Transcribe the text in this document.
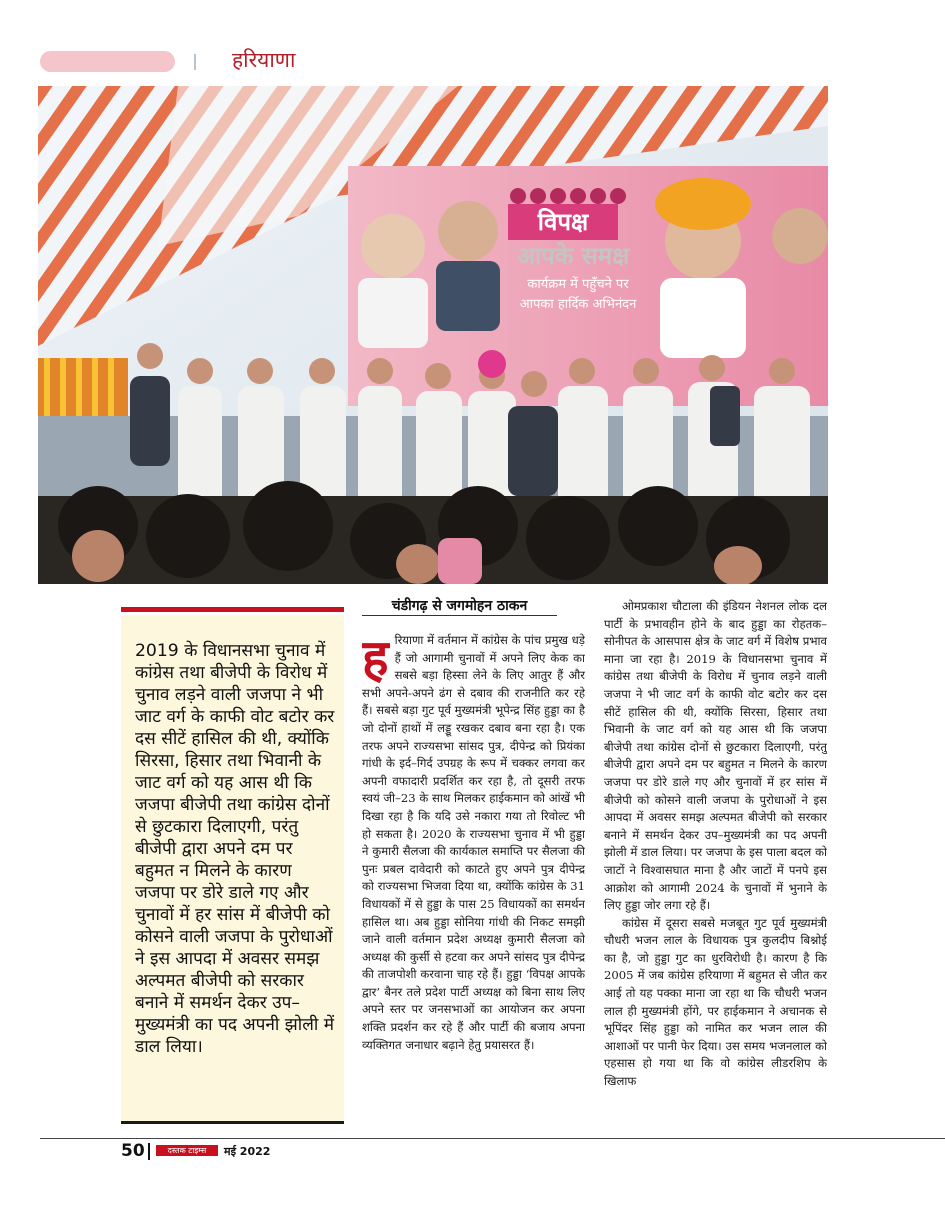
हरियाणा
विपक्ष
आपके समक्ष
कार्यक्रम में पहुँचने पर
आपका हार्दिक अभिनंदन
2019 के विधानसभा चुनाव में कांग्रेस तथा बीजेपी के विरोध में चुनाव लड़ने वाली जजपा ने भी जाट वर्ग के काफी वोट बटोर कर दस सीटें हासिल की थी, क्योंकि सिरसा, हिसार तथा भिवानी के जाट वर्ग को यह आस थी कि जजपा बीजेपी तथा कांग्रेस दोनों से छुटकारा दिलाएगी, परंतु बीजेपी द्वारा अपने दम पर बहुमत न मिलने के कारण जजपा पर डोरे डाले गए और चुनावों में हर सांस में बीजेपी को कोसने वाली जजपा के पुरोधाओं ने इस आपदा में अवसर समझ अल्पमत बीजेपी को सरकार बनाने में समर्थन देकर उप–मुख्यमंत्री का पद अपनी झोली में डाल लिया।
चंडीगढ़ से जगमोहन ठाकन
ह रियाणा में वर्तमान में कांग्रेस के पांच प्रमुख धड़े हैं जो आगामी चुनावों में अपने लिए केक का सबसे बड़ा हिस्सा लेने के लिए आतुर हैं और सभी अपने-अपने ढंग से दबाव की राजनीति कर रहे हैं। सबसे बड़ा गुट पूर्व मुख्यमंत्री भूपेन्द्र सिंह हुड्डा का है जो दोनों हाथों में लड्डू रखकर दबाव बना रहा है। एक तरफ अपने राज्यसभा सांसद पुत्र, दीपेन्द्र को प्रियंका गांधी के इर्द–गिर्द उपग्रह के रूप में चक्कर लगवा कर अपनी वफादारी प्रदर्शित कर रहा है, तो दूसरी तरफ स्वयं जी–23 के साथ मिलकर हाईकमान को आंखें भी दिखा रहा है कि यदि उसे नकारा गया तो रिवोल्ट भी हो सकता है। 2020 के राज्यसभा चुनाव में भी हुड्डा ने कुमारी सैलजा की कार्यकाल समाप्ति पर सैलजा की पुनः प्रबल दावेदारी को काटते हुए अपने पुत्र दीपेन्द्र को राज्यसभा भिजवा दिया था, क्योंकि कांग्रेस के 31 विधायकों में से हुड्डा के पास 25 विधायकों का समर्थन हासिल था। अब हुड्डा सोनिया गांधी की निकट समझी जाने वाली वर्तमान प्रदेश अध्यक्ष कुमारी सैलजा को अध्यक्ष की कुर्सी से हटवा कर अपने सांसद पुत्र दीपेन्द्र की ताजपोशी करवाना चाह रहे हैं। हुड्डा ‘विपक्ष आपके द्वार’ बैनर तले प्रदेश पार्टी अध्यक्ष को बिना साथ लिए अपने स्तर पर जनसभाओं का आयोजन कर अपना शक्ति प्रदर्शन कर रहे हैं और पार्टी की बजाय अपना व्यक्तिगत जनाधार बढ़ाने हेतु प्रयासरत हैं।

ओमप्रकाश चौटाला की इंडियन नेशनल लोक दल पार्टी के प्रभावहीन होने के बाद हुड्डा का रोहतक–सोनीपत के आसपास क्षेत्र के जाट वर्ग में विशेष प्रभाव माना जा रहा है। 2019 के विधानसभा चुनाव में कांग्रेस तथा बीजेपी के विरोध में चुनाव लड़ने वाली जजपा ने भी जाट वर्ग के काफी वोट बटोर कर दस सीटें हासिल की थी, क्योंकि सिरसा, हिसार तथा भिवानी के जाट वर्ग को यह आस थी कि जजपा बीजेपी तथा कांग्रेस दोनों से छुटकारा दिलाएगी, परंतु बीजेपी द्वारा अपने दम पर बहुमत न मिलने के कारण जजपा पर डोरे डाले गए और चुनावों में हर सांस में बीजेपी को कोसने वाली जजपा के पुरोधाओं ने इस आपदा में अवसर समझ अल्पमत बीजेपी को सरकार बनाने में समर्थन देकर उप–मुख्यमंत्री का पद अपनी झोली में डाल लिया। पर जजपा के इस पाला बदल को जाटों ने विश्वासघात माना है और जाटों में पनपे इस आक्रोश को आगामी 2024 के चुनावों में भुनाने के लिए हुड्डा जोर लगा रहे हैं।

कांग्रेस में दूसरा सबसे मजबूत गुट पूर्व मुख्यमंत्री चौधरी भजन लाल के विधायक पुत्र कुलदीप बिश्नोई का है, जो हुड्डा गुट का धुरविरोधी है। कारण है कि 2005 में जब कांग्रेस हरियाणा में बहुमत से जीत कर आई तो यह पक्का माना जा रहा था कि चौधरी भजन लाल ही मुख्यमंत्री होंगे, पर हाईकमान ने अचानक से भूपिंदर सिंह हुड्डा को नामित कर भजन लाल की आशाओं पर पानी फेर दिया। उस समय भजनलाल को एहसास हो गया था कि वो कांग्रेस लीडरशिप के खिलाफ

50	दस्तक टाइम्स	मई 2022
